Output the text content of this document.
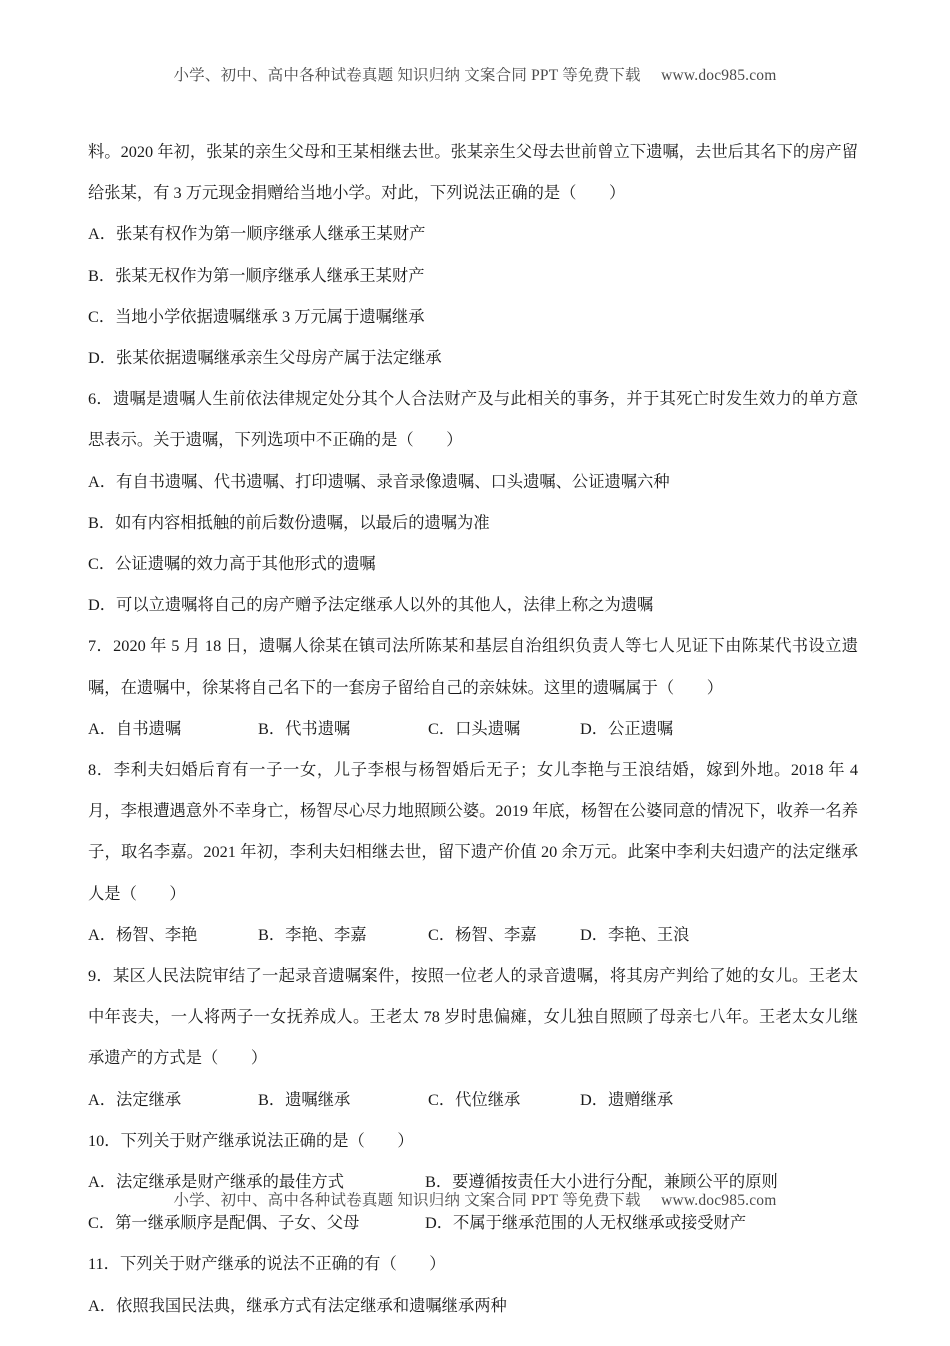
小学、初中、高中各种试卷真题 知识归纳 文案合同 PPT 等免费下载     www.doc985.com

料。2020 年初，张某的亲生父母和王某相继去世。张某亲生父母去世前曾立下遗嘱，去世后其名下的房产留给张某，有 3 万元现金捐赠给当地小学。对此，下列说法正确的是（　　）

A．张某有权作为第一顺序继承人继承王某财产
B．张某无权作为第一顺序继承人继承王某财产
C．当地小学依据遗嘱继承 3 万元属于遗嘱继承
D．张某依据遗嘱继承亲生父母房产属于法定继承

6．遗嘱是遗嘱人生前依法律规定处分其个人合法财产及与此相关的事务，并于其死亡时发生效力的单方意思表示。关于遗嘱，下列选项中不正确的是（　　）

A．有自书遗嘱、代书遗嘱、打印遗嘱、录音录像遗嘱、口头遗嘱、公证遗嘱六种
B．如有内容相抵触的前后数份遗嘱，以最后的遗嘱为准
C．公证遗嘱的效力高于其他形式的遗嘱
D．可以立遗嘱将自己的房产赠予法定继承人以外的其他人，法律上称之为遗嘱

7．2020 年 5 月 18 日，遗嘱人徐某在镇司法所陈某和基层自治组织负责人等七人见证下由陈某代书设立遗嘱，在遗嘱中，徐某将自己名下的一套房子留给自己的亲妹妹。这里的遗嘱属于（　　）

A．自书遗嘱	B．代书遗嘱	C．口头遗嘱	D．公正遗嘱

8．李利夫妇婚后育有一子一女，儿子李根与杨智婚后无子；女儿李艳与王浪结婚，嫁到外地。2018 年 4 月，李根遭遇意外不幸身亡，杨智尽心尽力地照顾公婆。2019 年底，杨智在公婆同意的情况下，收养一名养子，取名李嘉。2021 年初，李利夫妇相继去世，留下遗产价值 20 余万元。此案中李利夫妇遗产的法定继承人是（　　）

A．杨智、李艳	B．李艳、李嘉	C．杨智、李嘉	D．李艳、王浪

9．某区人民法院审结了一起录音遗嘱案件，按照一位老人的录音遗嘱，将其房产判给了她的女儿。王老太中年丧夫，一人将两子一女抚养成人。王老太 78 岁时患偏瘫，女儿独自照顾了母亲七八年。王老太女儿继承遗产的方式是（　　）

A．法定继承	B．遗嘱继承	C．代位继承	D．遗赠继承

10．下列关于财产继承说法正确的是（　　）

A．法定继承是财产继承的最佳方式	B．要遵循按责任大小进行分配，兼顾公平的原则
C．第一继承顺序是配偶、子女、父母	D．不属于继承范围的人无权继承或接受财产

11．下列关于财产继承的说法不正确的有（　　）

A．依照我国民法典，继承方式有法定继承和遗嘱继承两种
小学、初中、高中各种试卷真题 知识归纳 文案合同 PPT 等免费下载     www.doc985.com
